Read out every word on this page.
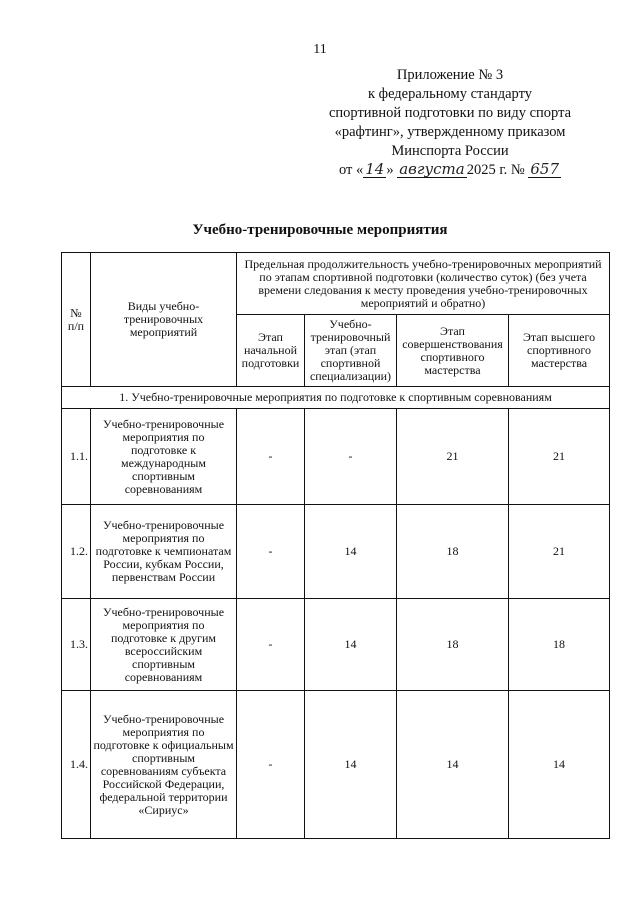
11
Приложение № 3
к федеральному стандарту
спортивной подготовки по виду спорта
«рафтинг», утвержденному приказом
Минспорта России
от « 14 » августа 2025 г. № 657
Учебно-тренировочные мероприятия
№ п/п	Виды учебно-тренировочных мероприятий	Предельная продолжительность учебно-тренировочных мероприятий по этапам спортивной подготовки (количество суток) (без учета времени следования к месту проведения учебно-тренировочных мероприятий и обратно)			
		Этап начальной подготовки	Учебно-тренировочный этап (этап спортивной специализации)	Этап совершенствования спортивного мастерства	Этап высшего спортивного мастерства
1. Учебно-тренировочные мероприятия по подготовке к спортивным соревнованиям					
1.1.	Учебно-тренировочные мероприятия по подготовке к международным спортивным соревнованиям	-	-	21	21
1.2.	Учебно-тренировочные мероприятия по подготовке к чемпионатам России, кубкам России, первенствам России	-	14	18	21
1.3.	Учебно-тренировочные мероприятия по подготовке к другим всероссийским спортивным соревнованиям	-	14	18	18
1.4.	Учебно-тренировочные мероприятия по подготовке к официальным спортивным соревнованиям субъекта Российской Федерации, федеральной территории «Сириус»	-	14	14	14
